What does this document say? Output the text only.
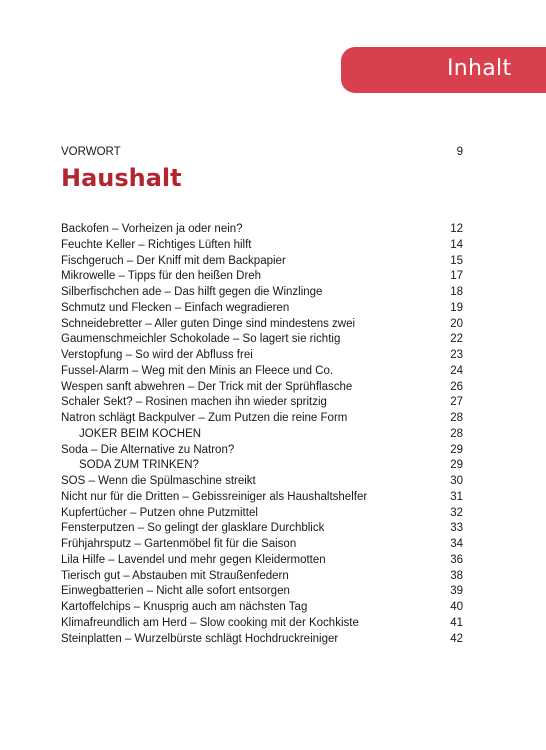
Inhalt
VORWORT	9
Haushalt
Backofen – Vorheizen ja oder nein?	12
Feuchte Keller – Richtiges Lüften hilft	14
Fischgeruch – Der Kniff mit dem Backpapier	15
Mikrowelle – Tipps für den heißen Dreh	17
Silberfischchen ade – Das hilft gegen die Winzlinge	18
Schmutz und Flecken – Einfach wegradieren	19
Schneidebretter – Aller guten Dinge sind mindestens zwei	20
Gaumenschmeichler Schokolade – So lagert sie richtig	22
Verstopfung – So wird der Abfluss frei	23
Fussel-Alarm – Weg mit den Minis an Fleece und Co.	24
Wespen sanft abwehren – Der Trick mit der Sprühflasche	26
Schaler Sekt? – Rosinen machen ihn wieder spritzig	27
Natron schlägt Backpulver – Zum Putzen die reine Form	28
JOKER BEIM KOCHEN	28
Soda – Die Alternative zu Natron?	29
SODA ZUM TRINKEN?	29
SOS – Wenn die Spülmaschine streikt	30
Nicht nur für die Dritten – Gebissreiniger als Haushaltshelfer	31
Kupfertücher – Putzen ohne Putzmittel	32
Fensterputzen – So gelingt der glasklare Durchblick	33
Frühjahrsputz – Gartenmöbel fit für die Saison	34
Lila Hilfe – Lavendel und mehr gegen Kleidermotten	36
Tierisch gut – Abstauben mit Straußenfedern	38
Einwegbatterien – Nicht alle sofort entsorgen	39
Kartoffelchips – Knusprig auch am nächsten Tag	40
Klimafreundlich am Herd – Slow cooking mit der Kochkiste	41
Steinplatten – Wurzelbürste schlägt Hochdruckreiniger	42
